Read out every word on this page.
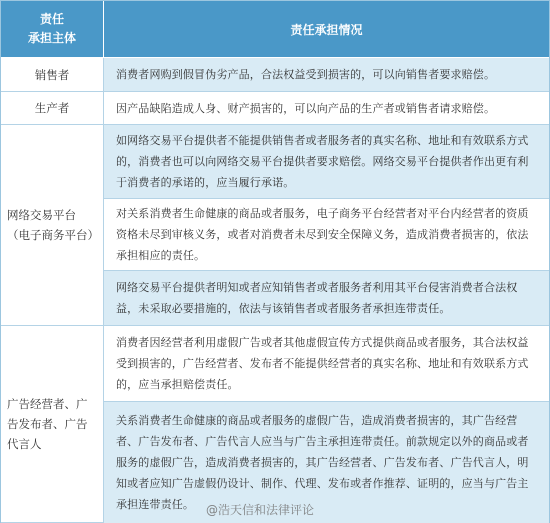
责任
承担主体
责任承担情况
销售者	消费者网购到假冒伪劣产品，合法权益受到损害的，可以向销售者要求赔偿。
生产者	因产品缺陷造成人身、财产损害的，可以向产品的生产者或销售者请求赔偿。
网络交易平台（电子商务平台）
如网络交易平台提供者不能提供销售者或者服务者的真实名称、地址和有效联系方式的，消费者也可以向网络交易平台提供者要求赔偿。网络交易平台提供者作出更有利于消费者的承诺的，应当履行承诺。
对关系消费者生命健康的商品或者服务，电子商务平台经营者对平台内经营者的资质资格未尽到审核义务，或者对消费者未尽到安全保障义务，造成消费者损害的，依法承担相应的责任。
网络交易平台提供者明知或者应知销售者或者服务者利用其平台侵害消费者合法权益，未采取必要措施的，依法与该销售者或者服务者承担连带责任。
广告经营者、广告发布者、广告代言人
消费者因经营者利用虚假广告或者其他虚假宣传方式提供商品或者服务，其合法权益受到损害的，广告经营者、发布者不能提供经营者的真实名称、地址和有效联系方式的，应当承担赔偿责任。
关系消费者生命健康的商品或者服务的虚假广告，造成消费者损害的，其广告经营者、广告发布者、广告代言人应当与广告主承担连带责任。前款规定以外的商品或者服务的虚假广告，造成消费者损害的，其广告经营者、广告发布者、广告代言人，明知或者应知广告虚假仍设计、制作、代理、发布或者作推荐、证明的，应当与广告主承担连带责任。 @浩天信和法律评论
